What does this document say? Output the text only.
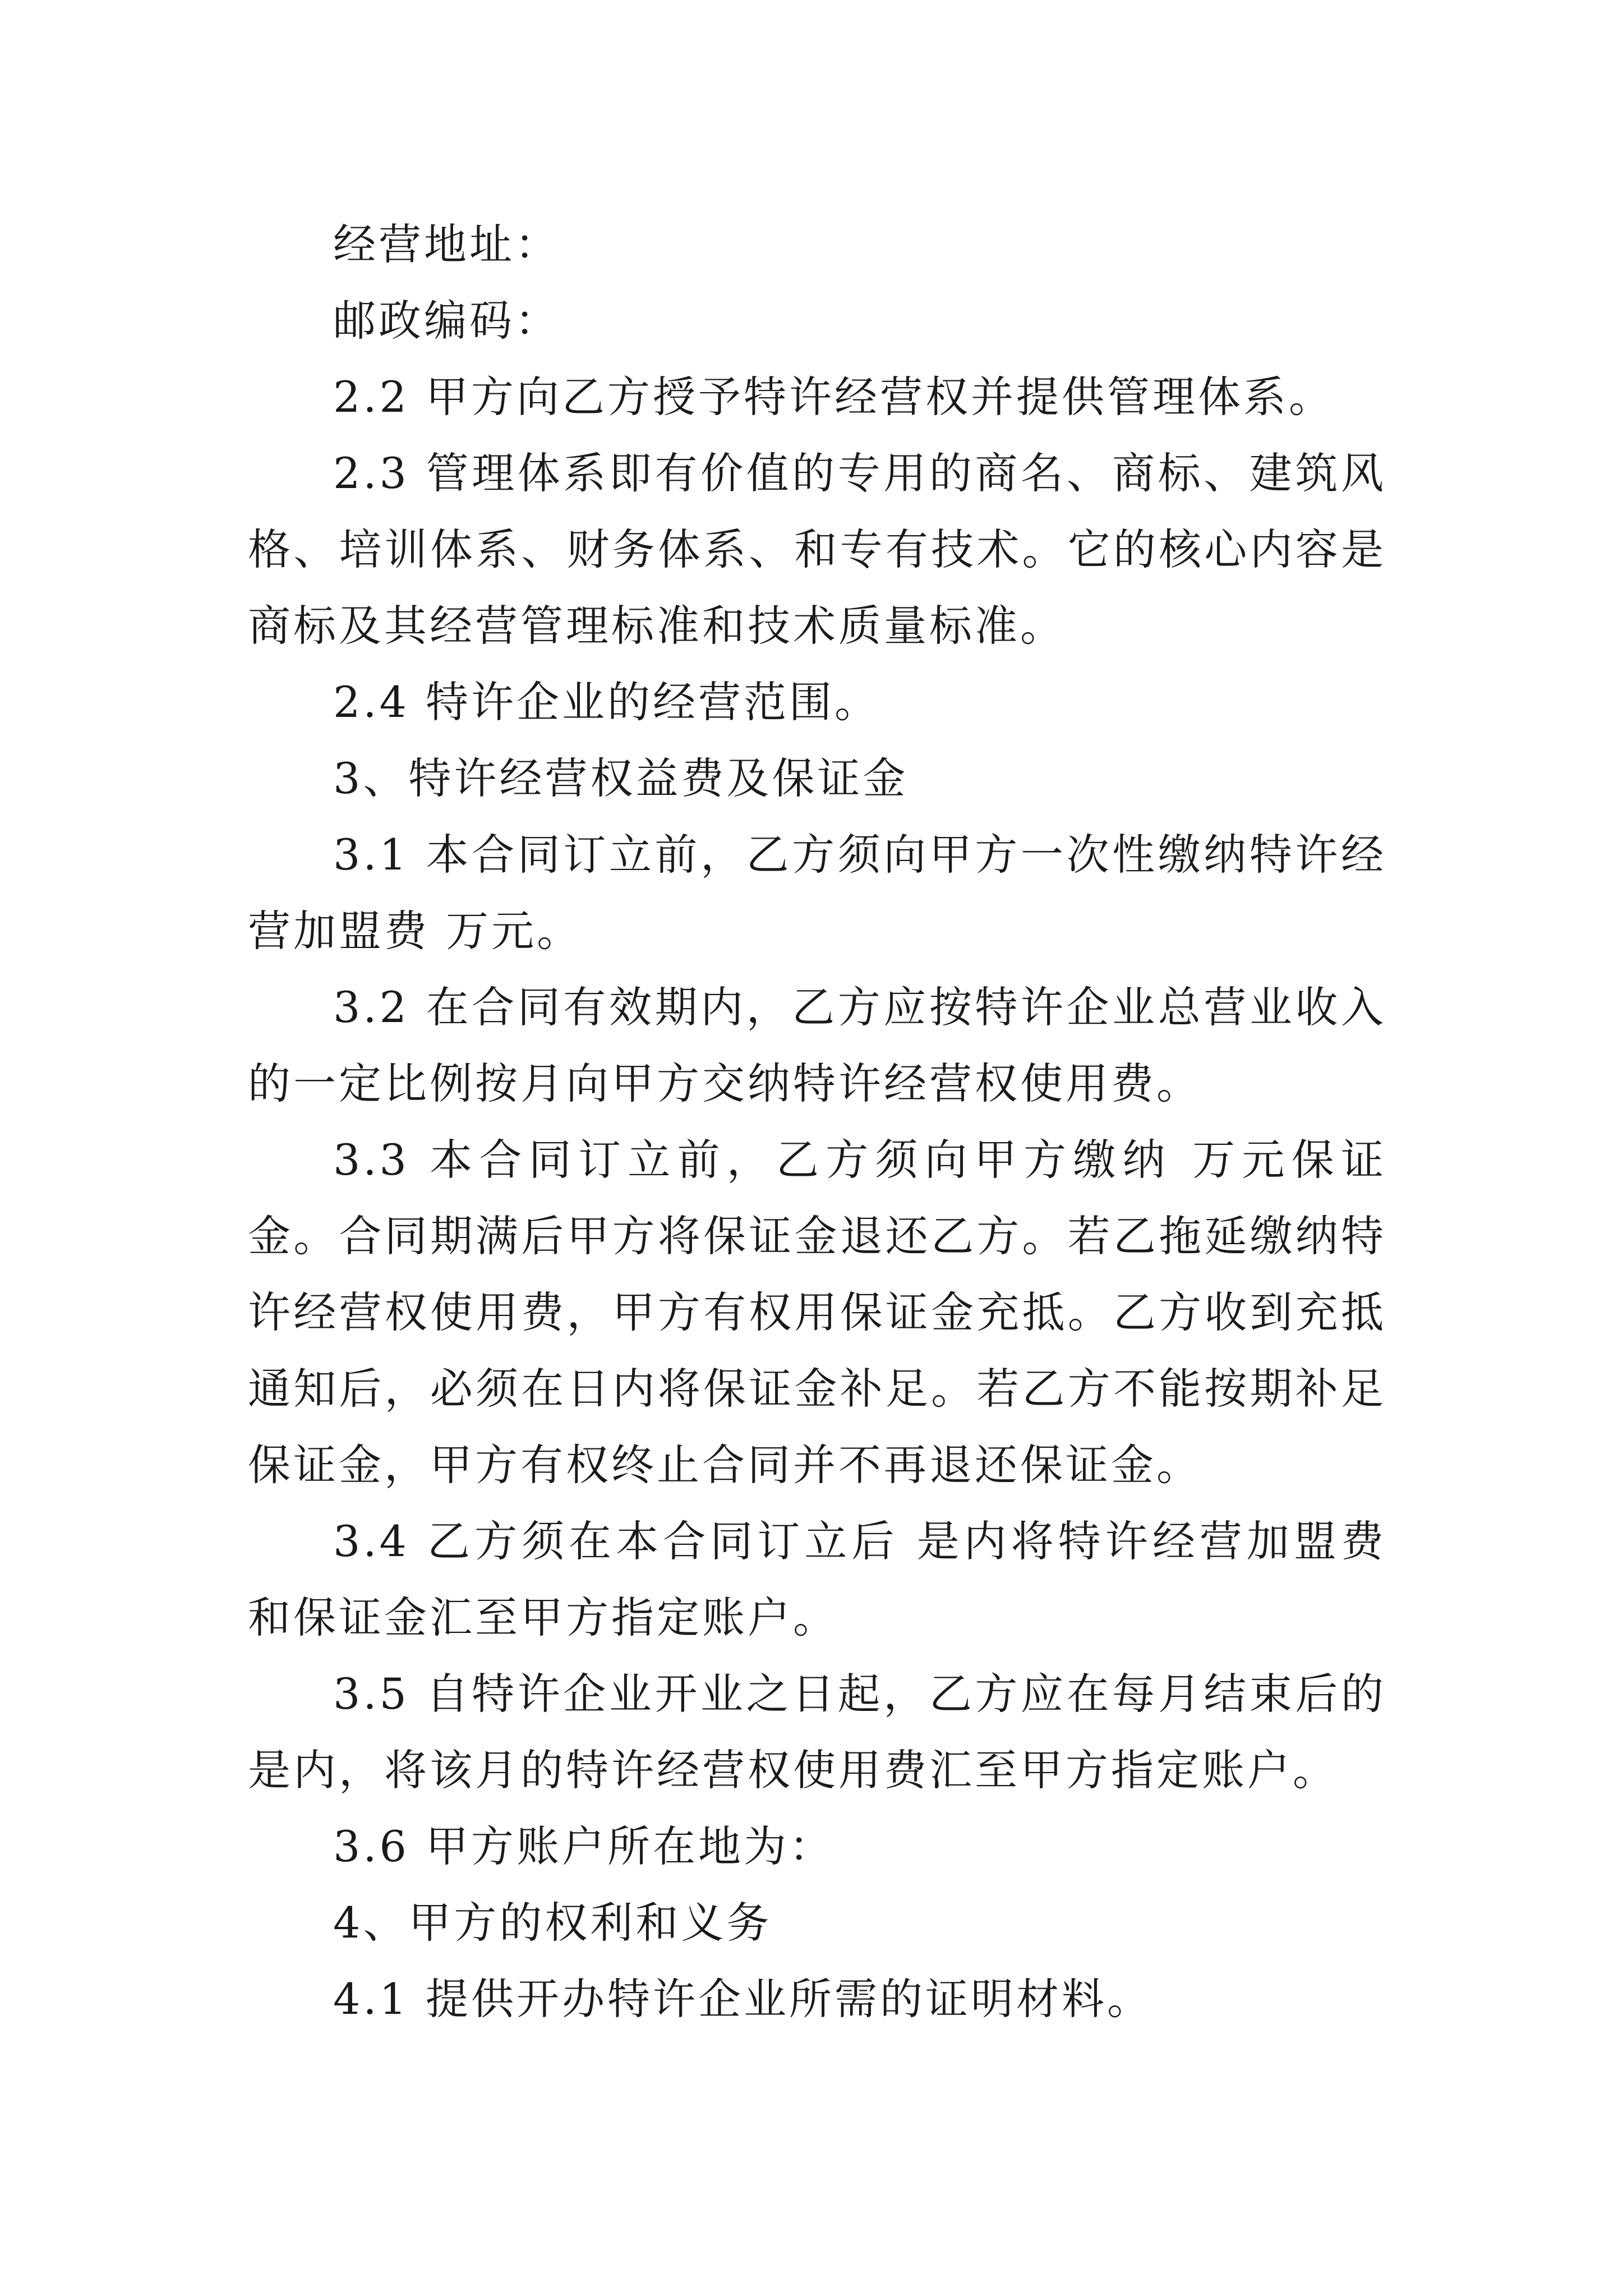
经营地址：

邮政编码：

2.2 甲方向乙方授予特许经营权并提供管理体系。

2.3 管理体系即有价值的专用的商名、商标、建筑风格、培训体系、财务体系、和专有技术。它的核心内容是 商标及其经营管理标准和技术质量标准。

2.4 特许企业的经营范围。

3、特许经营权益费及保证金

3.1 本合同订立前，乙方须向甲方一次性缴纳特许经营加盟费 万元。

3.2 在合同有效期内，乙方应按特许企业总营业收入的一定比例按月向甲方交纳特许经营权使用费。

3.3 本合同订立前，乙方须向甲方缴纳 万元保证金。合同期满后甲方将保证金退还乙方。若乙拖延缴纳特许经营权使用费，甲方有权用保证金充抵。乙方收到充抵通知后，必须在日内将保证金补足。若乙方不能按期补足保证金，甲方有权终止合同并不再退还保证金。

3.4 乙方须在本合同订立后 是内将特许经营加盟费和保证金汇至甲方指定账户。

3.5 自特许企业开业之日起，乙方应在每月结束后的 是内，将该月的特许经营权使用费汇至甲方指定账户。

3.6 甲方账户所在地为：

4、甲方的权利和义务

4.1 提供开办特许企业所需的证明材料。
